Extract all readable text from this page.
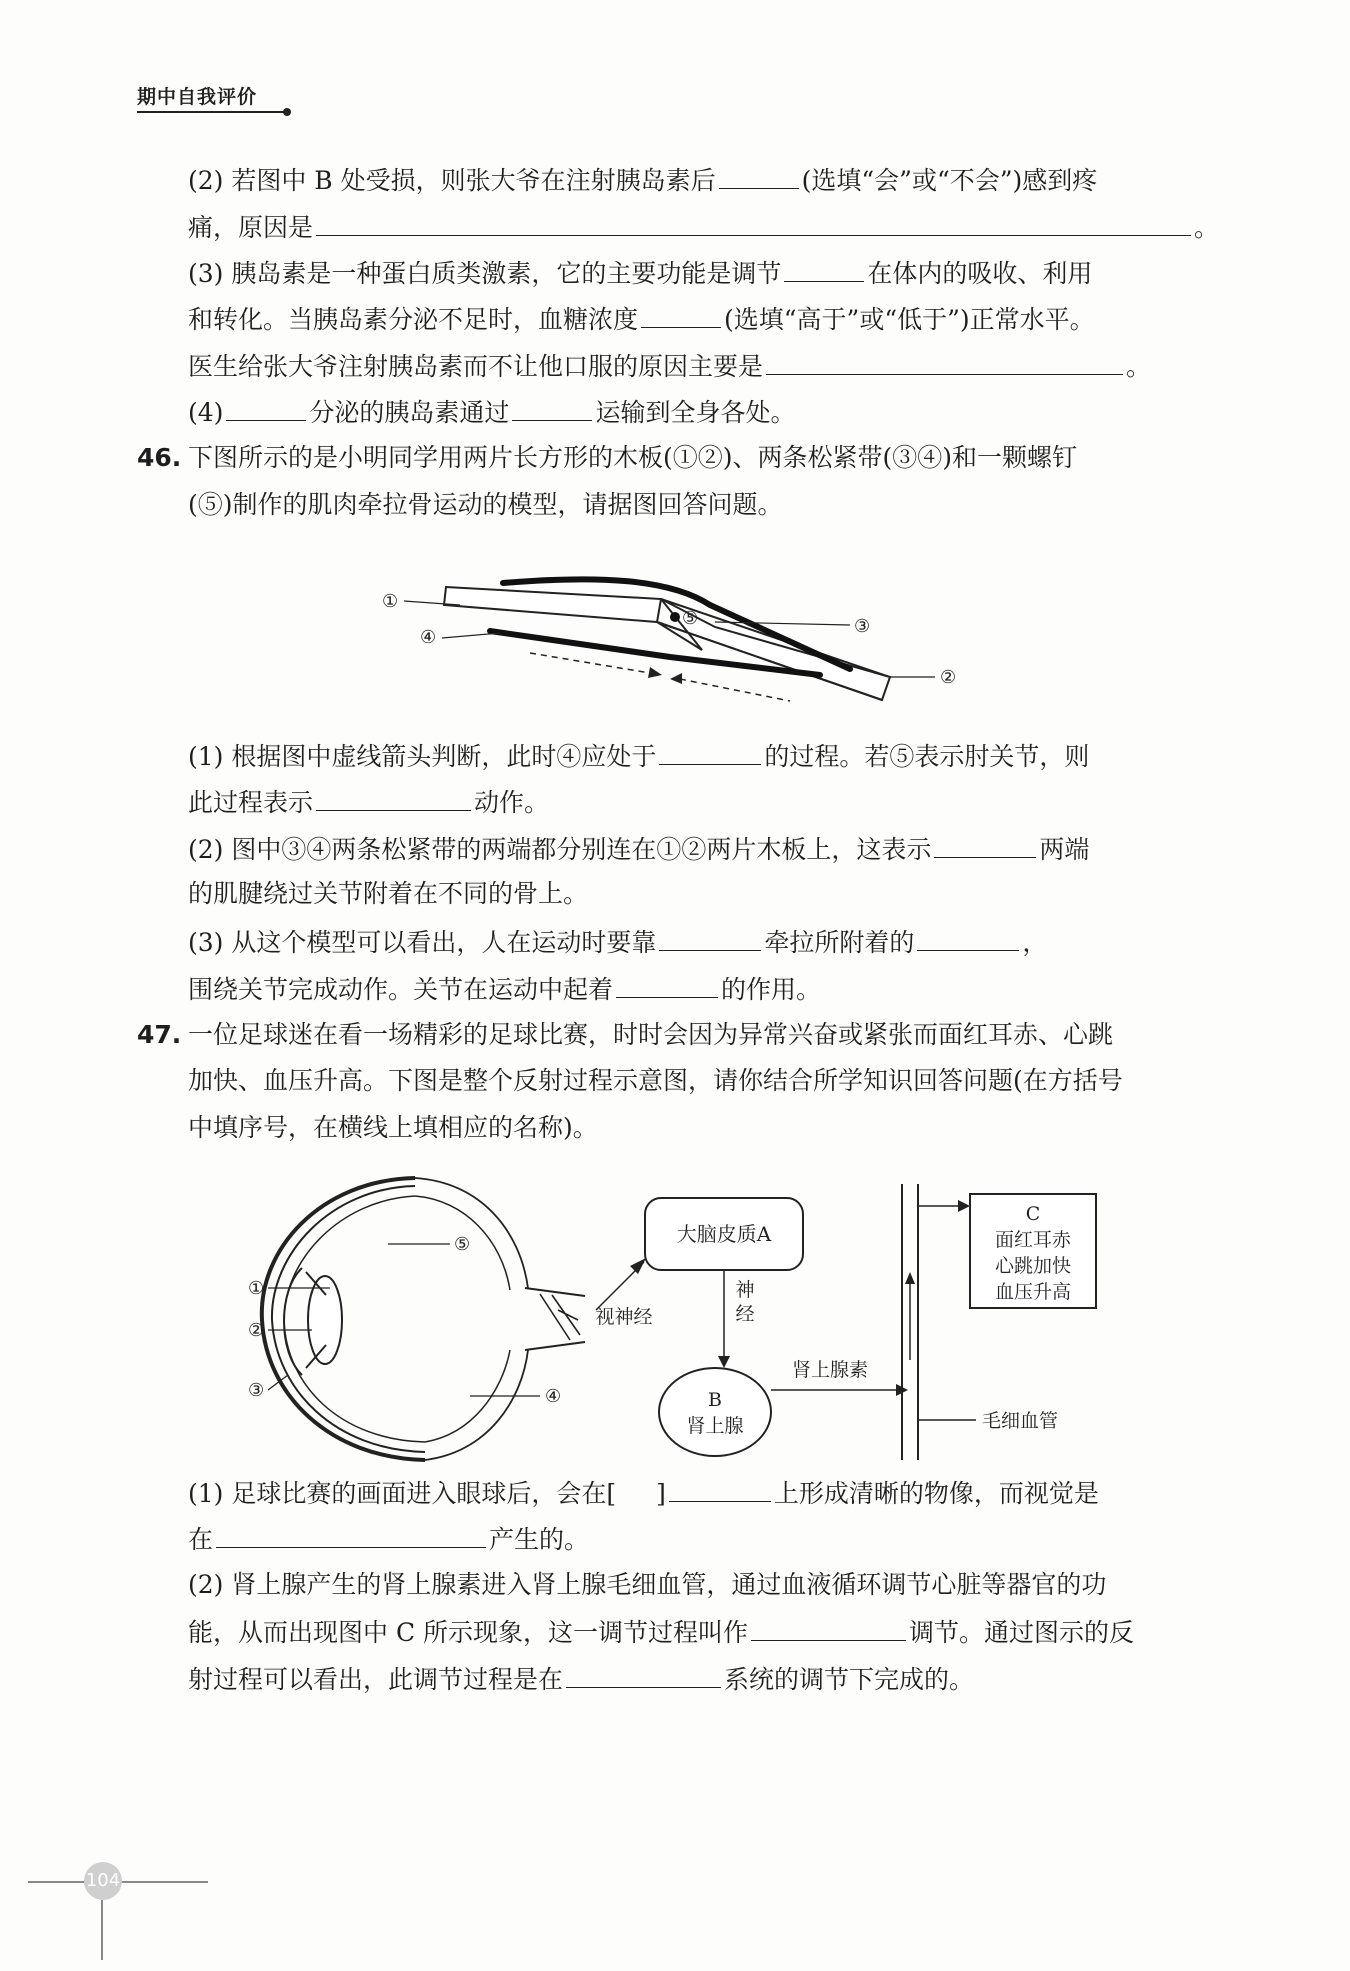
期中自我评价
(2) 若图中 B 处受损，则张大爷在注射胰岛素后	(选填“会”或“不会”)感到疼
痛，原因是	。
(3) 胰岛素是一种蛋白质类激素，它的主要功能是调节	在体内的吸收、利用
和转化。当胰岛素分泌不足时，血糖浓度	(选填“高于”或“低于”)正常水平。
医生给张大爷注射胰岛素而不让他口服的原因主要是	。
(4)	分泌的胰岛素通过	运输到全身各处。
46. 下图所示的是小明同学用两片长方形的木板(①②)、两条松紧带(③④)和一颗螺钉
(⑤)制作的肌肉牵拉骨运动的模型，请据图回答问题。
①
④
⑤	③
②
(1) 根据图中虚线箭头判断，此时④应处于	的过程。若⑤表示肘关节，则
此过程表示	动作。
(2) 图中③④两条松紧带的两端都分别连在①②两片木板上，这表示	两端
的肌腱绕过关节附着在不同的骨上。
(3) 从这个模型可以看出，人在运动时要靠	牵拉所附着的	，
围绕关节完成动作。关节在运动中起着	的作用。
47. 一位足球迷在看一场精彩的足球比赛，时时会因为异常兴奋或紧张而面红耳赤、心跳
加快、血压升高。下图是整个反射过程示意图，请你结合所学知识回答问题(在方括号
中填序号，在横线上填相应的名称)。
①
②
③
⑤
④
大脑皮质A
视神经
神
经
B
肾上腺
肾上腺素
毛细血管
C
面红耳赤
心跳加快
血压升高
(1) 足球比赛的画面进入眼球后，会在[ ]	上形成清晰的物像，而视觉是
在	产生的。
(2) 肾上腺产生的肾上腺素进入肾上腺毛细血管，通过血液循环调节心脏等器官的功
能，从而出现图中 C 所示现象，这一调节过程叫作	调节。通过图示的反
射过程可以看出，此调节过程是在	系统的调节下完成的。
104
